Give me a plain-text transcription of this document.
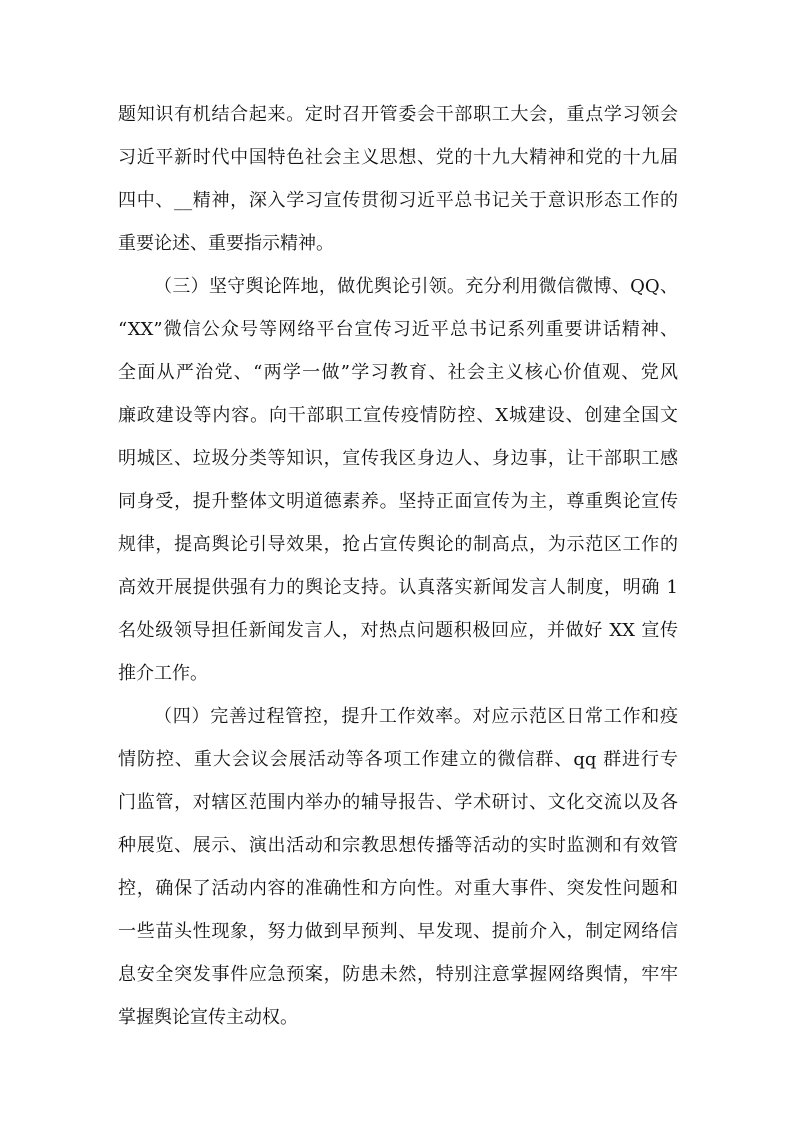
题知识有机结合起来。定时召开管委会干部职工大会，重点学习领会
习近平新时代中国特色社会主义思想、党的十九大精神和党的十九届
四中、__精神，深入学习宣传贯彻习近平总书记关于意识形态工作的
重要论述、重要指示精神。
（三）坚守舆论阵地，做优舆论引领。充分利用微信微博、QQ、
“XX”微信公众号等网络平台宣传习近平总书记系列重要讲话精神、
全面从严治党、“两学一做”学习教育、社会主义核心价值观、党风
廉政建设等内容。向干部职工宣传疫情防控、X城建设、创建全国文
明城区、垃圾分类等知识，宣传我区身边人、身边事，让干部职工感
同身受，提升整体文明道德素养。坚持正面宣传为主，尊重舆论宣传
规律，提高舆论引导效果，抢占宣传舆论的制高点，为示范区工作的
高效开展提供强有力的舆论支持。认真落实新闻发言人制度，明确 1
名处级领导担任新闻发言人，对热点问题积极回应，并做好 XX 宣传
推介工作。
（四）完善过程管控，提升工作效率。对应示范区日常工作和疫
情防控、重大会议会展活动等各项工作建立的微信群、qq 群进行专
门监管，对辖区范围内举办的辅导报告、学术研讨、文化交流以及各
种展览、展示、演出活动和宗教思想传播等活动的实时监测和有效管
控，确保了活动内容的准确性和方向性。对重大事件、突发性问题和
一些苗头性现象，努力做到早预判、早发现、提前介入，制定网络信
息安全突发事件应急预案，防患未然，特别注意掌握网络舆情，牢牢
掌握舆论宣传主动权。
